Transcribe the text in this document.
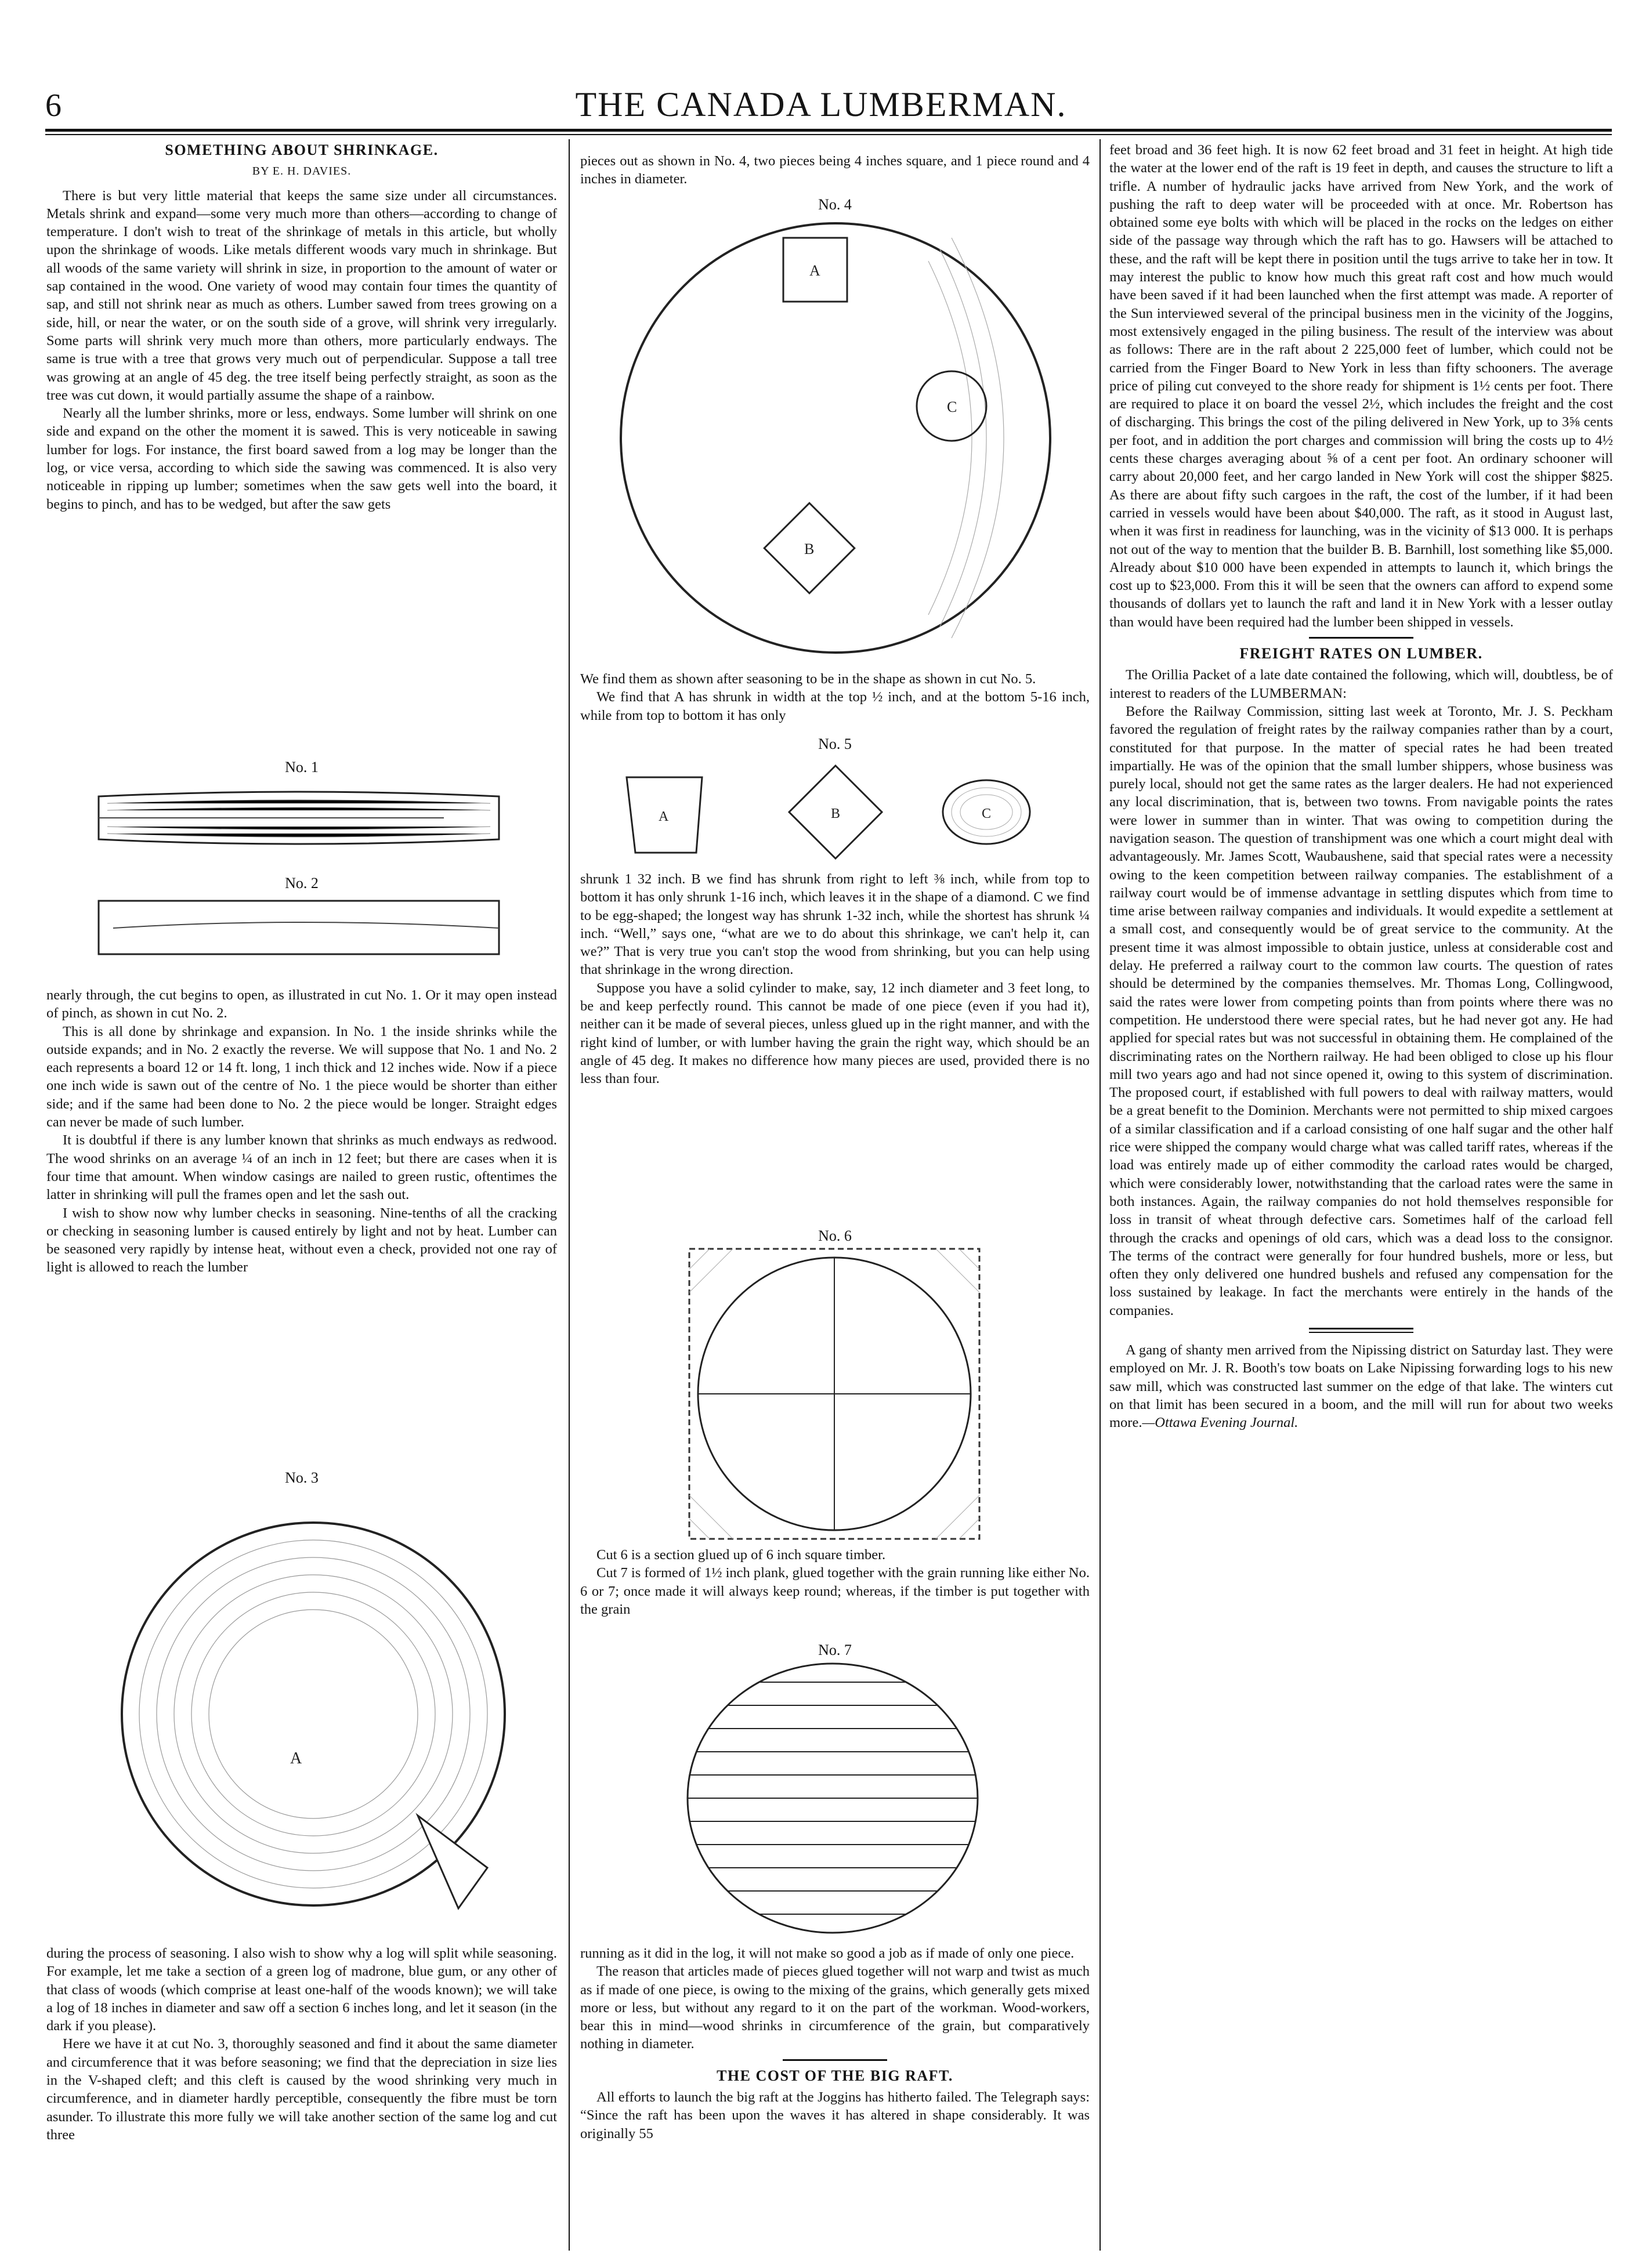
6	THE CANADA LUMBERMAN.
SOMETHING ABOUT SHRINKAGE.
BY E. H. DAVIES.

There is but very little material that keeps the same size under all circumstances. Metals shrink and expand—some very much more than others—according to change of temperature. I don't wish to treat of the shrinkage of metals in this article, but wholly upon the shrinkage of woods. Like metals different woods vary much in shrinkage. But all woods of the same variety will shrink in size, in proportion to the amount of water or sap contained in the wood. One variety of wood may contain four times the quantity of sap, and still not shrink near as much as others. Lumber sawed from trees growing on a side, hill, or near the water, or on the south side of a grove, will shrink very irregularly. Some parts will shrink very much more than others, more particularly endways. The same is true with a tree that grows very much out of perpendicular. Suppose a tall tree was growing at an angle of 45 deg. the tree itself being perfectly straight, as soon as the tree was cut down, it would partially assume the shape of a rainbow.

Nearly all the lumber shrinks, more or less, endways. Some lumber will shrink on one side and expand on the other the moment it is sawed. This is very noticeable in sawing lumber for logs. For instance, the first board sawed from a log may be longer than the log, or vice versa, according to which side the sawing was commenced. It is also very noticeable in ripping up lumber; sometimes when the saw gets well into the board, it begins to pinch, and has to be wedged, but after the saw gets

No. 1
No. 2

nearly through, the cut begins to open, as illustrated in cut No. 1. Or it may open instead of pinch, as shown in cut No. 2.

This is all done by shrinkage and expansion. In No. 1 the inside shrinks while the outside expands; and in No. 2 exactly the reverse. We will suppose that No. 1 and No. 2 each represents a board 12 or 14 ft. long, 1 inch thick and 12 inches wide. Now if a piece one inch wide is sawn out of the centre of No. 1 the piece would be shorter than either side; and if the same had been done to No. 2 the piece would be longer. Straight edges can never be made of such lumber.

It is doubtful if there is any lumber known that shrinks as much endways as redwood. The wood shrinks on an average ¼ of an inch in 12 feet; but there are cases when it is four time that amount. When window casings are nailed to green rustic, oftentimes the latter in shrinking will pull the frames open and let the sash out.

I wish to show now why lumber checks in seasoning. Nine-tenths of all the cracking or checking in seasoning lumber is caused entirely by light and not by heat. Lumber can be seasoned very rapidly by intense heat, without even a check, provided not one ray of light is allowed to reach the lumber

No. 3
A

during the process of seasoning. I also wish to show why a log will split while seasoning. For example, let me take a section of a green log of madrone, blue gum, or any other of that class of woods (which comprise at least one-half of the woods known); we will take a log of 18 inches in diameter and saw off a section 6 inches long, and let it season (in the dark if you please).

Here we have it at cut No. 3, thoroughly seasoned and find it about the same diameter and circumference that it was before seasoning; we find that the depreciation in size lies in the V-shaped cleft; and this cleft is caused by the wood shrinking very much in circumference, and in diameter hardly perceptible, consequently the fibre must be torn asunder. To illustrate this more fully we will take another section of the same log and cut three

pieces out as shown in No. 4, two pieces being 4 inches square, and 1 piece round and 4 inches in diameter.

No. 4
A
C
B

We find them as shown after seasoning to be in the shape as shown in cut No. 5.

We find that A has shrunk in width at the top ½ inch, and at the bottom 5-16 inch, while from top to bottom it has only

No. 5
A	B	C

shrunk 1 32 inch. B we find has shrunk from right to left ⅜ inch, while from top to bottom it has only shrunk 1-16 inch, which leaves it in the shape of a diamond. C we find to be egg-shaped; the longest way has shrunk 1-32 inch, while the shortest has shrunk ¼ inch. “Well,” says one, “what are we to do about this shrinkage, we can't help it, can we?” That is very true you can't stop the wood from shrinking, but you can help using that shrinkage in the wrong direction.

Suppose you have a solid cylinder to make, say, 12 inch diameter and 3 feet long, to be and keep perfectly round. This cannot be made of one piece (even if you had it), neither can it be made of several pieces, unless glued up in the right manner, and with the right kind of lumber, or with lumber having the grain the right way, which should be an angle of 45 deg. It makes no difference how many pieces are used, provided there is no less than four.

No. 6

Cut 6 is a section glued up of 6 inch square timber.

Cut 7 is formed of 1½ inch plank, glued together with the grain running like either No. 6 or 7; once made it will always keep round; whereas, if the timber is put together with the grain

No. 7

running as it did in the log, it will not make so good a job as if made of only one piece.

The reason that articles made of pieces glued together will not warp and twist as much as if made of one piece, is owing to the mixing of the grains, which generally gets mixed more or less, but without any regard to it on the part of the workman. Wood-workers, bear this in mind—wood shrinks in circumference of the grain, but comparatively nothing in diameter.

THE COST OF THE BIG RAFT.

All efforts to launch the big raft at the Joggins has hitherto failed. The Telegraph says: “Since the raft has been upon the waves it has altered in shape considerably. It was originally 55

feet broad and 36 feet high. It is now 62 feet broad and 31 feet in height. At high tide the water at the lower end of the raft is 19 feet in depth, and causes the structure to lift a trifle. A number of hydraulic jacks have arrived from New York, and the work of pushing the raft to deep water will be proceeded with at once. Mr. Robertson has obtained some eye bolts with which will be placed in the rocks on the ledges on either side of the passage way through which the raft has to go. Hawsers will be attached to these, and the raft will be kept there in position until the tugs arrive to take her in tow. It may interest the public to know how much this great raft cost and how much would have been saved if it had been launched when the first attempt was made. A reporter of the Sun interviewed several of the principal business men in the vicinity of the Joggins, most extensively engaged in the piling business. The result of the interview was about as follows: There are in the raft about 2 225,000 feet of lumber, which could not be carried from the Finger Board to New York in less than fifty schooners. The average price of piling cut conveyed to the shore ready for shipment is 1½ cents per foot. There are required to place it on board the vessel 2½, which includes the freight and the cost of discharging. This brings the cost of the piling delivered in New York, up to 3⅝ cents per foot, and in addition the port charges and commission will bring the costs up to 4½ cents these charges averaging about ⅝ of a cent per foot. An ordinary schooner will carry about 20,000 feet, and her cargo landed in New York will cost the shipper $825. As there are about fifty such cargoes in the raft, the cost of the lumber, if it had been carried in vessels would have been about $40,000. The raft, as it stood in August last, when it was first in readiness for launching, was in the vicinity of $13 000. It is perhaps not out of the way to mention that the builder B. B. Barnhill, lost something like $5,000. Already about $10 000 have been expended in attempts to launch it, which brings the cost up to $23,000. From this it will be seen that the owners can afford to expend some thousands of dollars yet to launch the raft and land it in New York with a lesser outlay than would have been required had the lumber been shipped in vessels.

FREIGHT RATES ON LUMBER.

The Orillia Packet of a late date contained the following, which will, doubtless, be of interest to readers of the LUMBERMAN:

Before the Railway Commission, sitting last week at Toronto, Mr. J. S. Peckham favored the regulation of freight rates by the railway companies rather than by a court, constituted for that purpose. In the matter of special rates he had been treated impartially. He was of the opinion that the small lumber shippers, whose business was purely local, should not get the same rates as the larger dealers. He had not experienced any local discrimination, that is, between two towns. From navigable points the rates were lower in summer than in winter. That was owing to competition during the navigation season. The question of transhipment was one which a court might deal with advantageously. Mr. James Scott, Waubaushene, said that special rates were a necessity owing to the keen competition between railway companies. The establishment of a railway court would be of immense advantage in settling disputes which from time to time arise between railway companies and individuals. It would expedite a settlement at a small cost, and consequently would be of great service to the community. At the present time it was almost impossible to obtain justice, unless at considerable cost and delay. He preferred a railway court to the common law courts. The question of rates should be determined by the companies themselves. Mr. Thomas Long, Collingwood, said the rates were lower from competing points than from points where there was no competition. He understood there were special rates, but he had never got any. He had applied for special rates but was not successful in obtaining them. He complained of the discriminating rates on the Northern railway. He had been obliged to close up his flour mill two years ago and had not since opened it, owing to this system of discrimination. The proposed court, if established with full powers to deal with railway matters, would be a great benefit to the Dominion. Merchants were not permitted to ship mixed cargoes of a similar classification and if a carload consisting of one half sugar and the other half rice were shipped the company would charge what was called tariff rates, whereas if the load was entirely made up of either commodity the carload rates would be charged, which were considerably lower, notwithstanding that the carload rates were the same in both instances. Again, the railway companies do not hold themselves responsible for loss in transit of wheat through defective cars. Sometimes half of the carload fell through the cracks and openings of old cars, which was a dead loss to the consignor. The terms of the contract were generally for four hundred bushels, more or less, but often they only delivered one hundred bushels and refused any compensation for the loss sustained by leakage. In fact the merchants were entirely in the hands of the companies.

A gang of shanty men arrived from the Nipissing district on Saturday last. They were employed on Mr. J. R. Booth's tow boats on Lake Nipissing forwarding logs to his new saw mill, which was constructed last summer on the edge of that lake. The winters cut on that limit has been secured in a boom, and the mill will run for about two weeks more.—Ottawa Evening Journal.
